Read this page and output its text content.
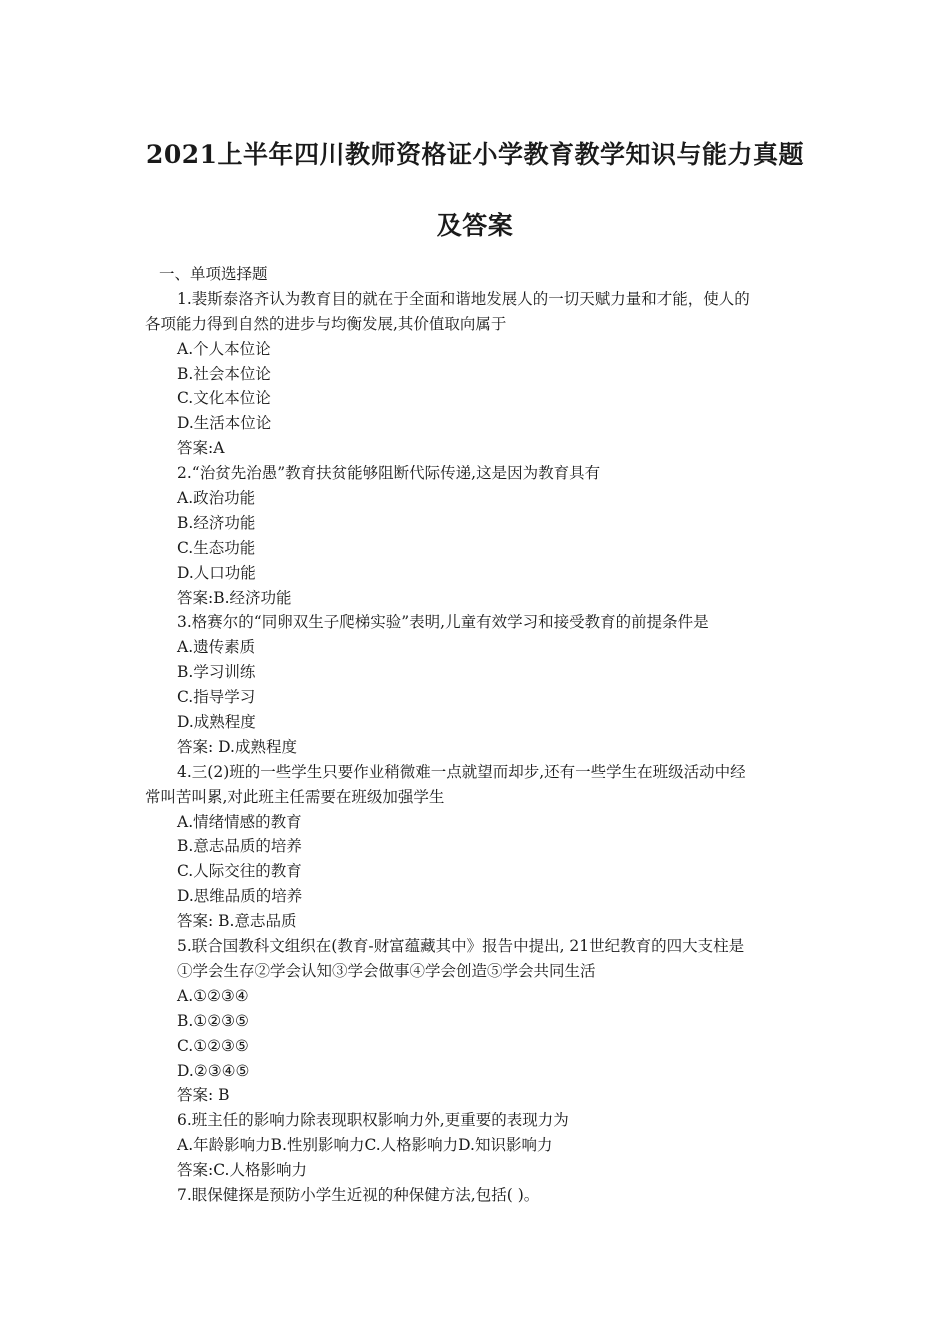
2021上半年四川教师资格证小学教育教学知识与能力真题
及答案
一、单项选择题
1.裴斯泰洛齐认为教育目的就在于全面和谐地发展人的一切天赋力量和才能，使人的
各项能力得到自然的进步与均衡发展,其价值取向属于
A.个人本位论
B.社会本位论
C.文化本位论
D.生活本位论
答案:A
2.“治贫先治愚”教育扶贫能够阻断代际传递,这是因为教育具有
A.政治功能
B.经济功能
C.生态功能
D.人口功能
答案:B.经济功能
3.格赛尔的“同卵双生子爬梯实验”表明,儿童有效学习和接受教育的前提条件是
A.遗传素质
B.学习训练
C.指导学习
D.成熟程度
答案: D.成熟程度
4.三(2)班的一些学生只要作业稍微难一点就望而却步,还有一些学生在班级活动中经
常叫苦叫累,对此班主任需要在班级加强学生
A.情绪情感的教育
B.意志品质的培养
C.人际交往的教育
D.思维品质的培养
答案: B.意志品质
5.联合国教科文组织在(教育-财富蕴藏其中》报告中提出, 21世纪教育的四大支柱是
①学会生存②学会认知③学会做事④学会创造⑤学会共同生活
A.①②③④
B.①②③⑤
C.①②③⑤
D.②③④⑤
答案: B
6.班主任的影响力除表现职权影响力外,更重要的表现力为
A.年龄影响力B.性别影响力C.人格影响力D.知识影响力
答案:C.人格影响力
7.眼保健探是预防小学生近视的种保健方法,包括( )。
